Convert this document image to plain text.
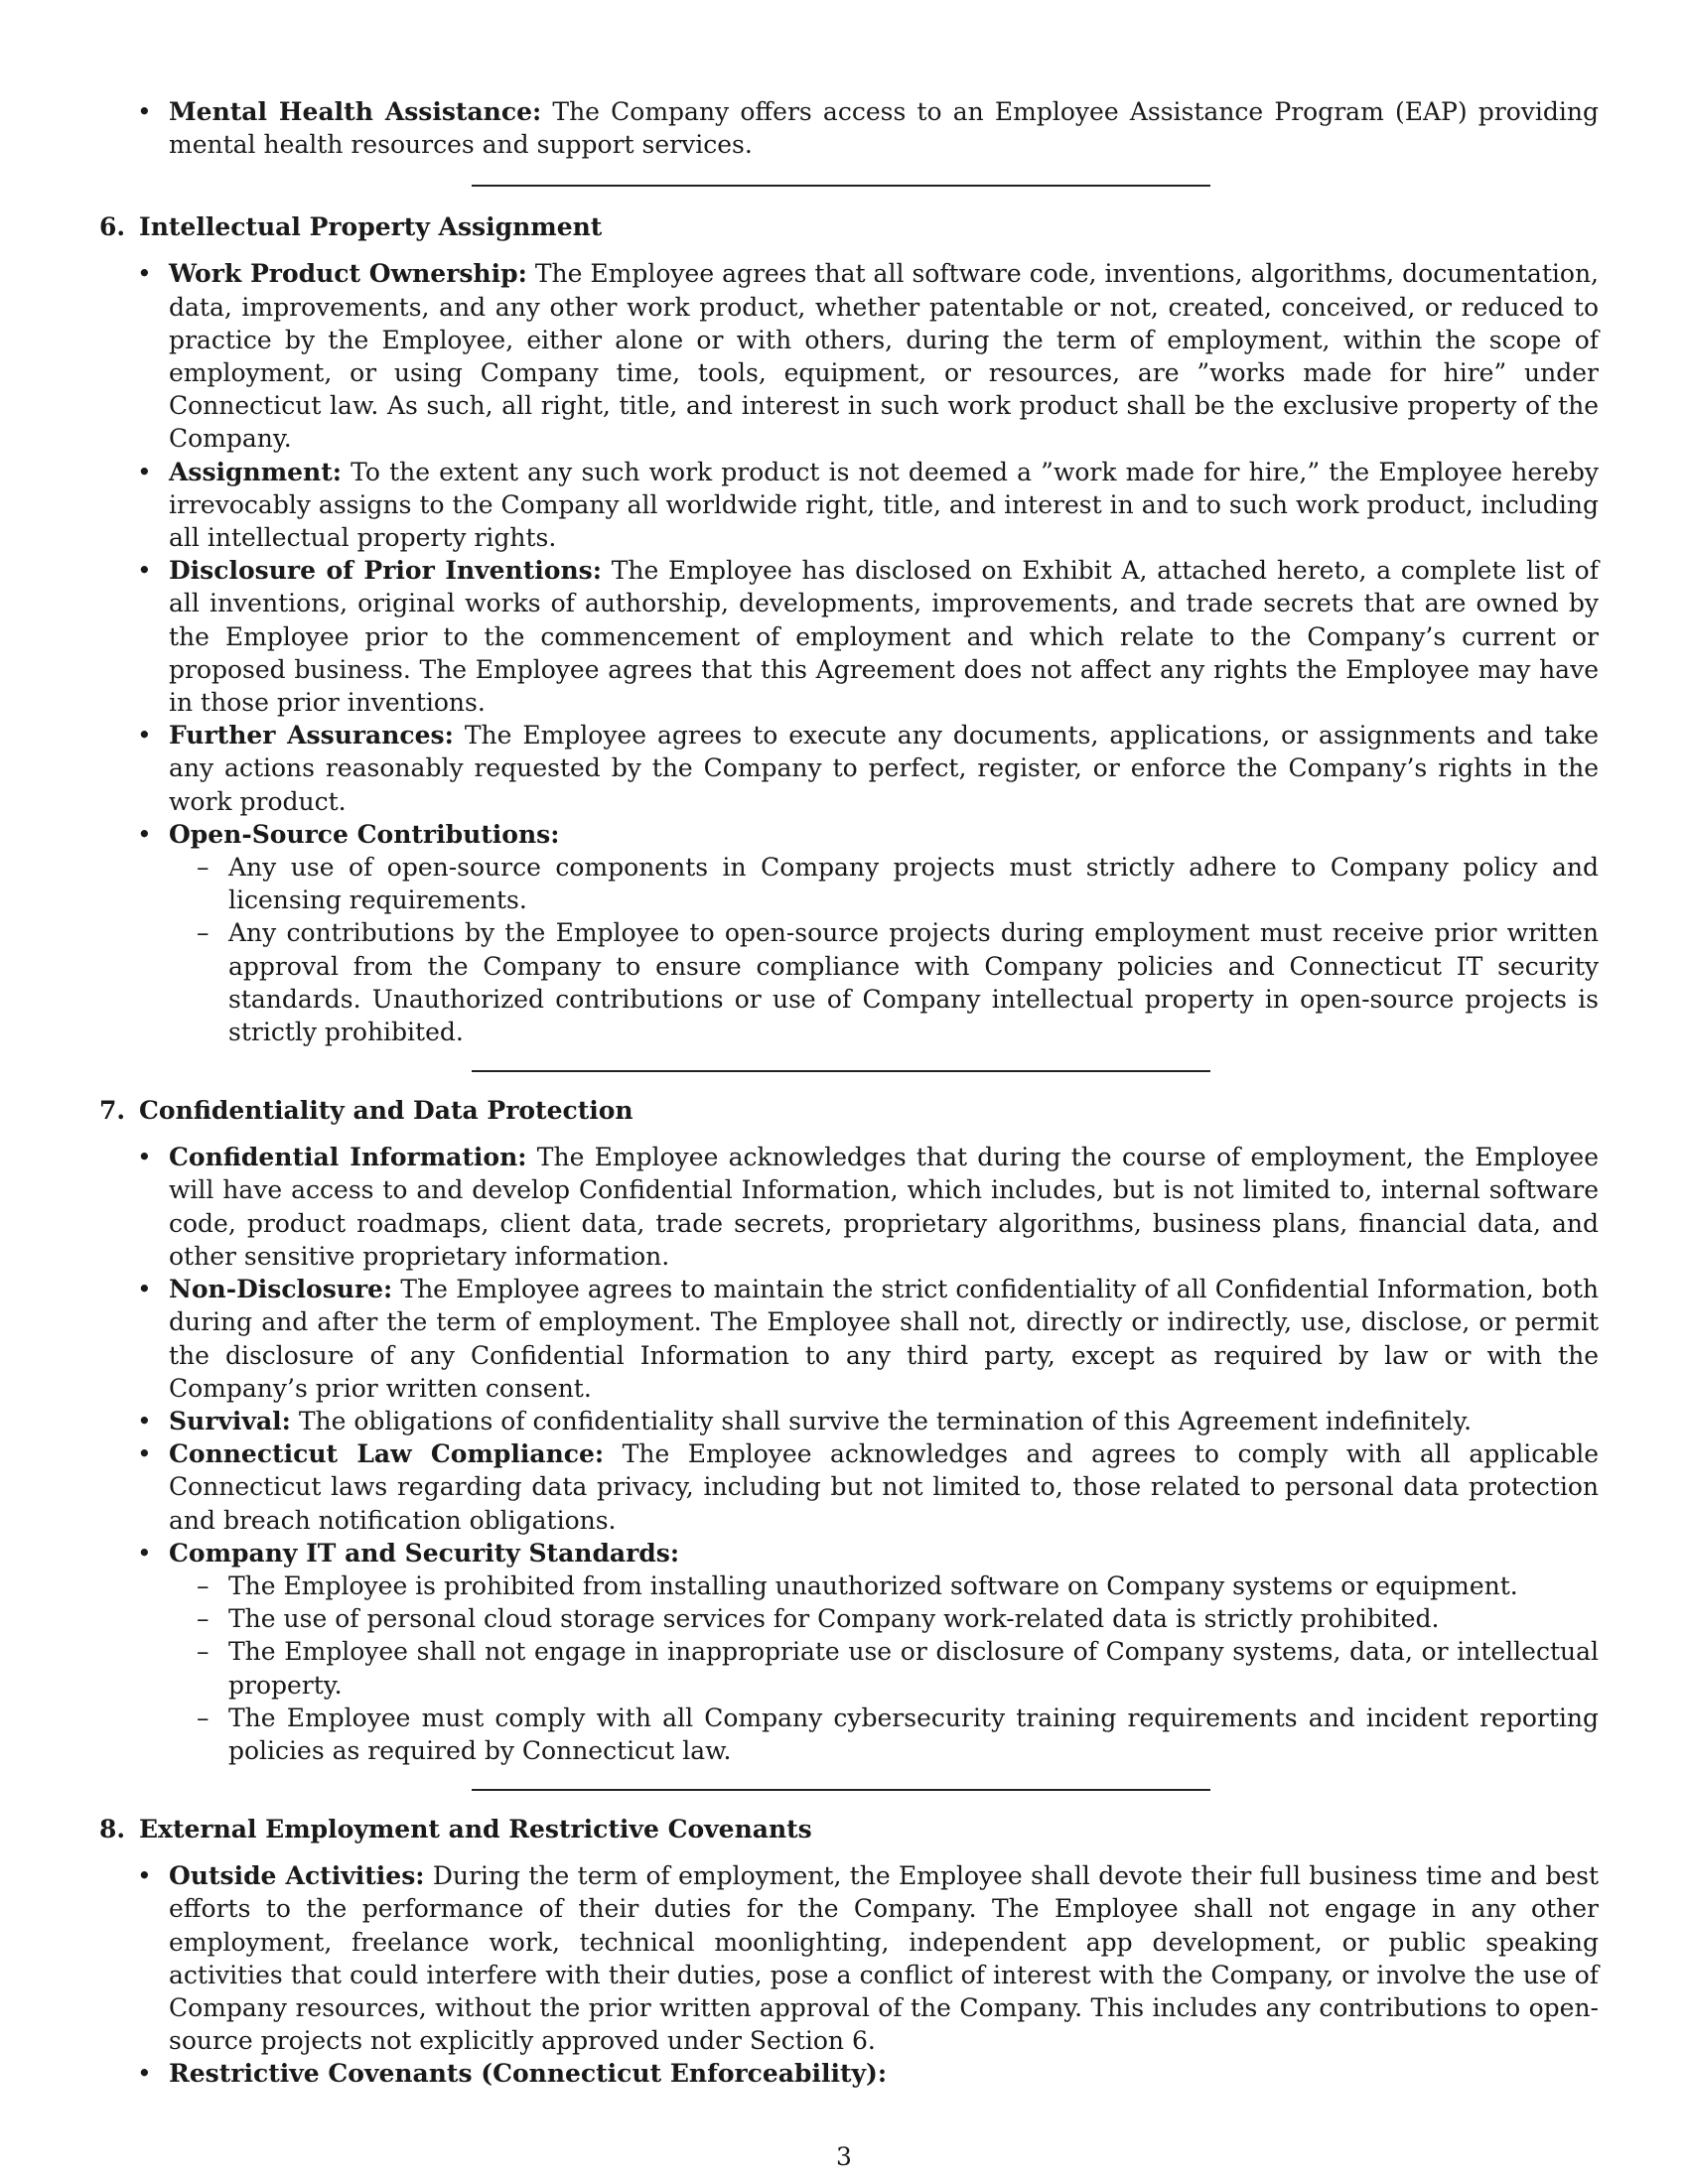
• Mental Health Assistance: The Company offers access to an Employee Assistance Program (EAP) providing mental health resources and support services.
6. Intellectual Property Assignment
• Work Product Ownership: The Employee agrees that all software code, inventions, algorithms, documentation, data, improvements, and any other work product, whether patentable or not, created, conceived, or reduced to practice by the Employee, either alone or with others, during the term of employment, within the scope of employment, or using Company time, tools, equipment, or resources, are ”works made for hire” under Connecticut law. As such, all right, title, and interest in such work product shall be the exclusive property of the Company.
• Assignment: To the extent any such work product is not deemed a ”work made for hire,” the Employee hereby irrevocably assigns to the Company all worldwide right, title, and interest in and to such work product, including all intellectual property rights.
• Disclosure of Prior Inventions: The Employee has disclosed on Exhibit A, attached hereto, a complete list of all inventions, original works of authorship, developments, improvements, and trade secrets that are owned by the Employee prior to the commencement of employment and which relate to the Company’s current or proposed business. The Employee agrees that this Agreement does not affect any rights the Employee may have in those prior inventions.
• Further Assurances: The Employee agrees to execute any documents, applications, or assignments and take any actions reasonably requested by the Company to perfect, register, or enforce the Company’s rights in the work product.
• Open-Source Contributions:
– Any use of open-source components in Company projects must strictly adhere to Company policy and licensing requirements.
– Any contributions by the Employee to open-source projects during employment must receive prior written approval from the Company to ensure compliance with Company policies and Connecticut IT security standards. Unauthorized contributions or use of Company intellectual property in open-source projects is strictly prohibited.
7. Confidentiality and Data Protection
• Confidential Information: The Employee acknowledges that during the course of employment, the Employee will have access to and develop Confidential Information, which includes, but is not limited to, internal software code, product roadmaps, client data, trade secrets, proprietary algorithms, business plans, financial data, and other sensitive proprietary information.
• Non-Disclosure: The Employee agrees to maintain the strict confidentiality of all Confidential Information, both during and after the term of employment. The Employee shall not, directly or indirectly, use, disclose, or permit the disclosure of any Confidential Information to any third party, except as required by law or with the Company’s prior written consent.
• Survival: The obligations of confidentiality shall survive the termination of this Agreement indefinitely.
• Connecticut Law Compliance: The Employee acknowledges and agrees to comply with all applicable Connecticut laws regarding data privacy, including but not limited to, those related to personal data protection and breach notification obligations.
• Company IT and Security Standards:
– The Employee is prohibited from installing unauthorized software on Company systems or equipment.
– The use of personal cloud storage services for Company work-related data is strictly prohibited.
– The Employee shall not engage in inappropriate use or disclosure of Company systems, data, or intellectual property.
– The Employee must comply with all Company cybersecurity training requirements and incident reporting policies as required by Connecticut law.
8. External Employment and Restrictive Covenants
• Outside Activities: During the term of employment, the Employee shall devote their full business time and best efforts to the performance of their duties for the Company. The Employee shall not engage in any other employment, freelance work, technical moonlighting, independent app development, or public speaking activities that could interfere with their duties, pose a conflict of interest with the Company, or involve the use of Company resources, without the prior written approval of the Company. This includes any contributions to open-source projects not explicitly approved under Section 6.
• Restrictive Covenants (Connecticut Enforceability):
3
